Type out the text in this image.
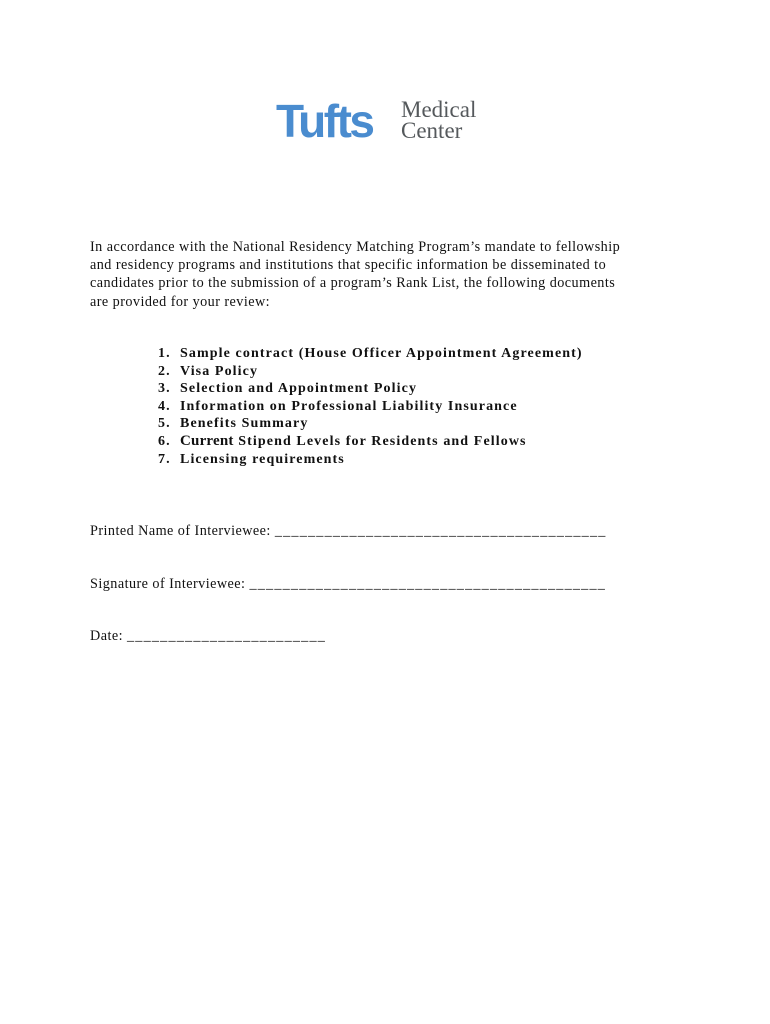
Tufts Medical
Center

In accordance with the National Residency Matching Program’s mandate to fellowship
and residency programs and institutions that specific information be disseminated to
candidates prior to the submission of a program’s Rank List, the following documents
are provided for your review:

1. Sample contract (House Officer Appointment Agreement)
2. Visa Policy
3. Selection and Appointment Policy
4. Information on Professional Liability Insurance
5. Benefits Summary
6. Current Stipend Levels for Residents and Fellows
7. Licensing requirements
Printed Name of Interviewee: ________________________________________
Signature of Interviewee: ___________________________________________
Date: ________________________
